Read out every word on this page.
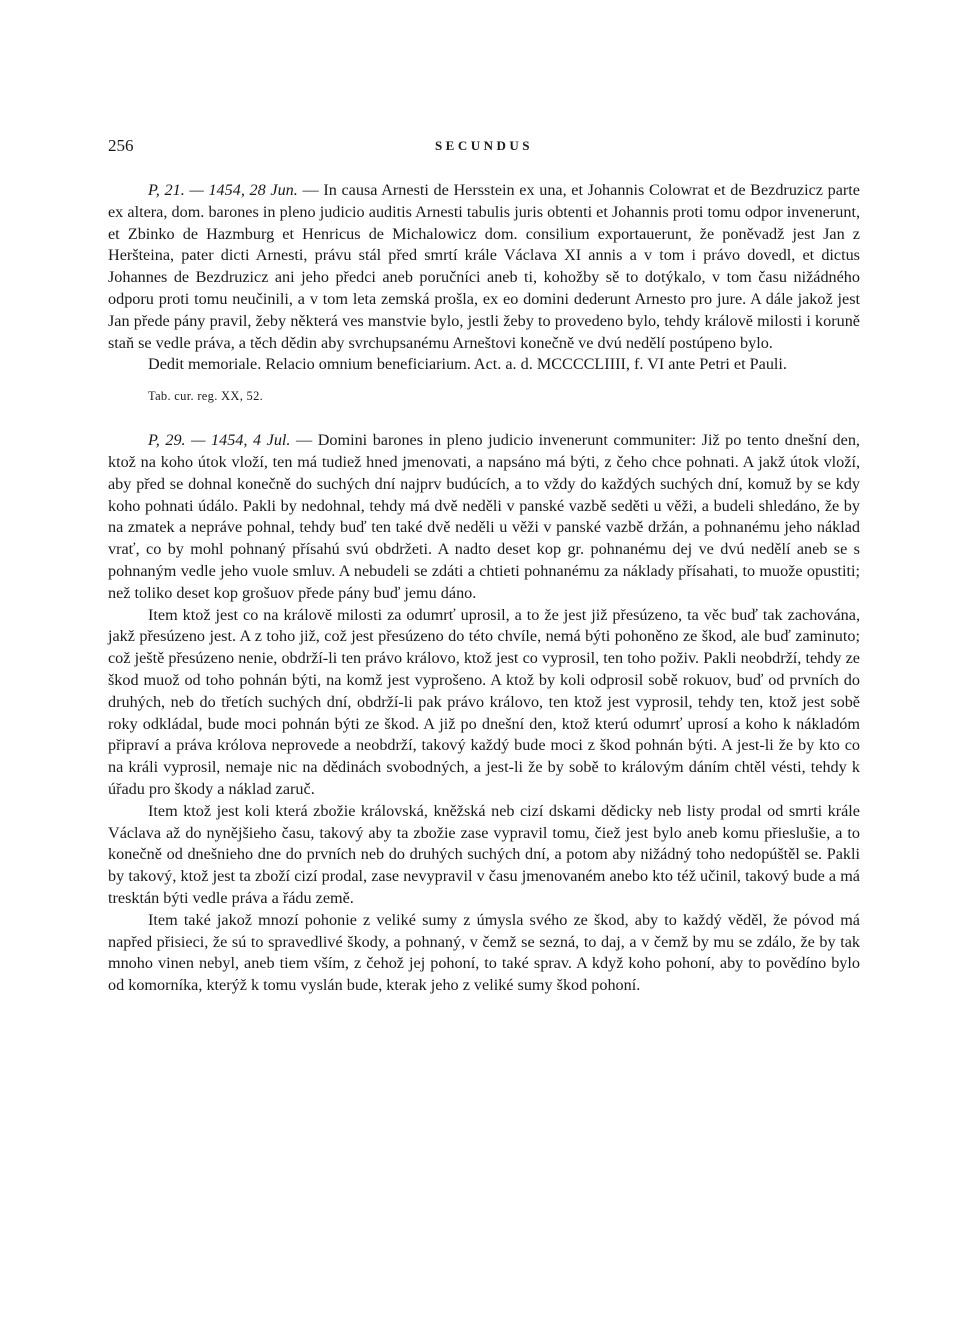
256	SECUNDUS

P, 21. — 1454, 28 Jun. — In causa Arnesti de Hersstein ex una, et Johannis Colowrat et de Bezdruzicz parte ex altera, dom. barones in pleno judicio auditis Arnesti tabulis juris obtenti et Johannis proti tomu odpor invenerunt, et Zbinko de Hazmburg et Henricus de Michalowicz dom. consilium exportauerunt, že poněvadž jest Jan z Heršteina, pater dicti Arnesti, právu stál před smrtí krále Václava XI annis a v tom i právo dovedl, et dictus Johannes de Bezdruzicz ani jeho předci aneb poručníci aneb ti, kohožby sě to dotýkalo, v tom času nižádného odporu proti tomu neučinili, a v tom leta zemská prošla, ex eo domini dederunt Arnesto pro jure. A dále jakož jest Jan přede pány pravil, žeby některá ves manstvie bylo, jestli žeby to provedeno bylo, tehdy královĕ milosti i koruně staň se vedle práva, a těch dědin aby svrchupsanému Arneštovi konečně ve dvú nedělí postúpeno bylo.

Dedit memoriale. Relacio omnium beneficiarium. Act. a. d. MCCCCLIIII, f. VI ante Petri et Pauli.

Tab. cur. reg. XX, 52.

P, 29. — 1454, 4 Jul. — Domini barones in pleno judicio invenerunt communiter: Již po tento dnešní den, ktož na koho útok vloží, ten má tudiež hned jmenovati, a napsáno má býti, z čeho chce pohnati. A jakž útok vloží, aby před se dohnal konečně do suchých dní najprv budúcích, a to vždy do každých suchých dní, komuž by se kdy koho pohnati údálo. Pakli by nedohnal, tehdy má dvě neděli v panské vazbě seděti u věži, a budeli shledáno, že by na zmatek a nepráve pohnal, tehdy buď ten také dvě neděli u věži v panské vazbě držán, a pohnanému jeho náklad vrať, co by mohl pohnaný přísahú svú obdržeti. A nadto deset kop gr. pohnanému dej ve dvú nedělí aneb se s pohnaným vedle jeho vuole smluv. A nebudeli se zdáti a chtieti pohnanému za náklady přísahati, to muože opustiti; než toliko deset kop grošuov přede pány buď jemu dáno.

Item ktož jest co na královĕ milosti za odumrť uprosil, a to že jest již přesúzeno, ta věc buď tak zachována, jakž přesúzeno jest. A z toho již, což jest přesúzeno do této chvíle, nemá býti pohoněno ze škod, ale buď zaminuto; což ještě přesúzeno nenie, obdrží-li ten právo královo, ktož jest co vyprosil, ten toho poživ. Pakli neobdrží, tehdy ze škod muož od toho pohnán býti, na komž jest vyprošeno. A ktož by koli odprosil sobě rokuov, buď od prvních do druhých, neb do třetích suchých dní, obdrží-li pak právo královo, ten ktož jest vyprosil, tehdy ten, ktož jest sobě roky odkládal, bude moci pohnán býti ze škod. A již po dnešní den, ktož kterú odumrť uprosí a koho k nákladóm připraví a práva królova neprovede a neobdrží, takový každý bude moci z škod pohnán býti. A jest-li že by kto co na králi vyprosil, nemaje nic na dědinách svobodných, a jest-li že by sobě to královým dáním chtěl vésti, tehdy k úřadu pro škody a náklad zaruč.

Item ktož jest koli která zbožie královská, kněžská neb cizí dskami dědicky neb listy prodal od smrti krále Václava až do nynějšieho času, takový aby ta zbožie zase vypravil tomu, čiež jest bylo aneb komu přieslušie, a to konečně od dnešnieho dne do prvních neb do druhých suchých dní, a potom aby nižádný toho nedopúštěl se. Pakli by takový, ktož jest ta zboží cizí prodal, zase nevypravil v času jmenovaném anebo kto též učinil, takový bude a má tresktán býti vedle práva a řádu země.

Item také jakož mnozí pohonie z veliké sumy z úmysla svého ze škod, aby to každý věděl, že póvod má napřed přisieci, že sú to spravedlivé škody, a pohnaný, v čemž se sezná, to daj, a v čemž by mu se zdálo, že by tak mnoho vinen nebyl, aneb tiem vším, z čehož jej pohoní, to také sprav. A když koho pohoní, aby to povědíno bylo od komorníka, kterýž k tomu vyslán bude, kterak jeho z veliké sumy škod pohoní.
